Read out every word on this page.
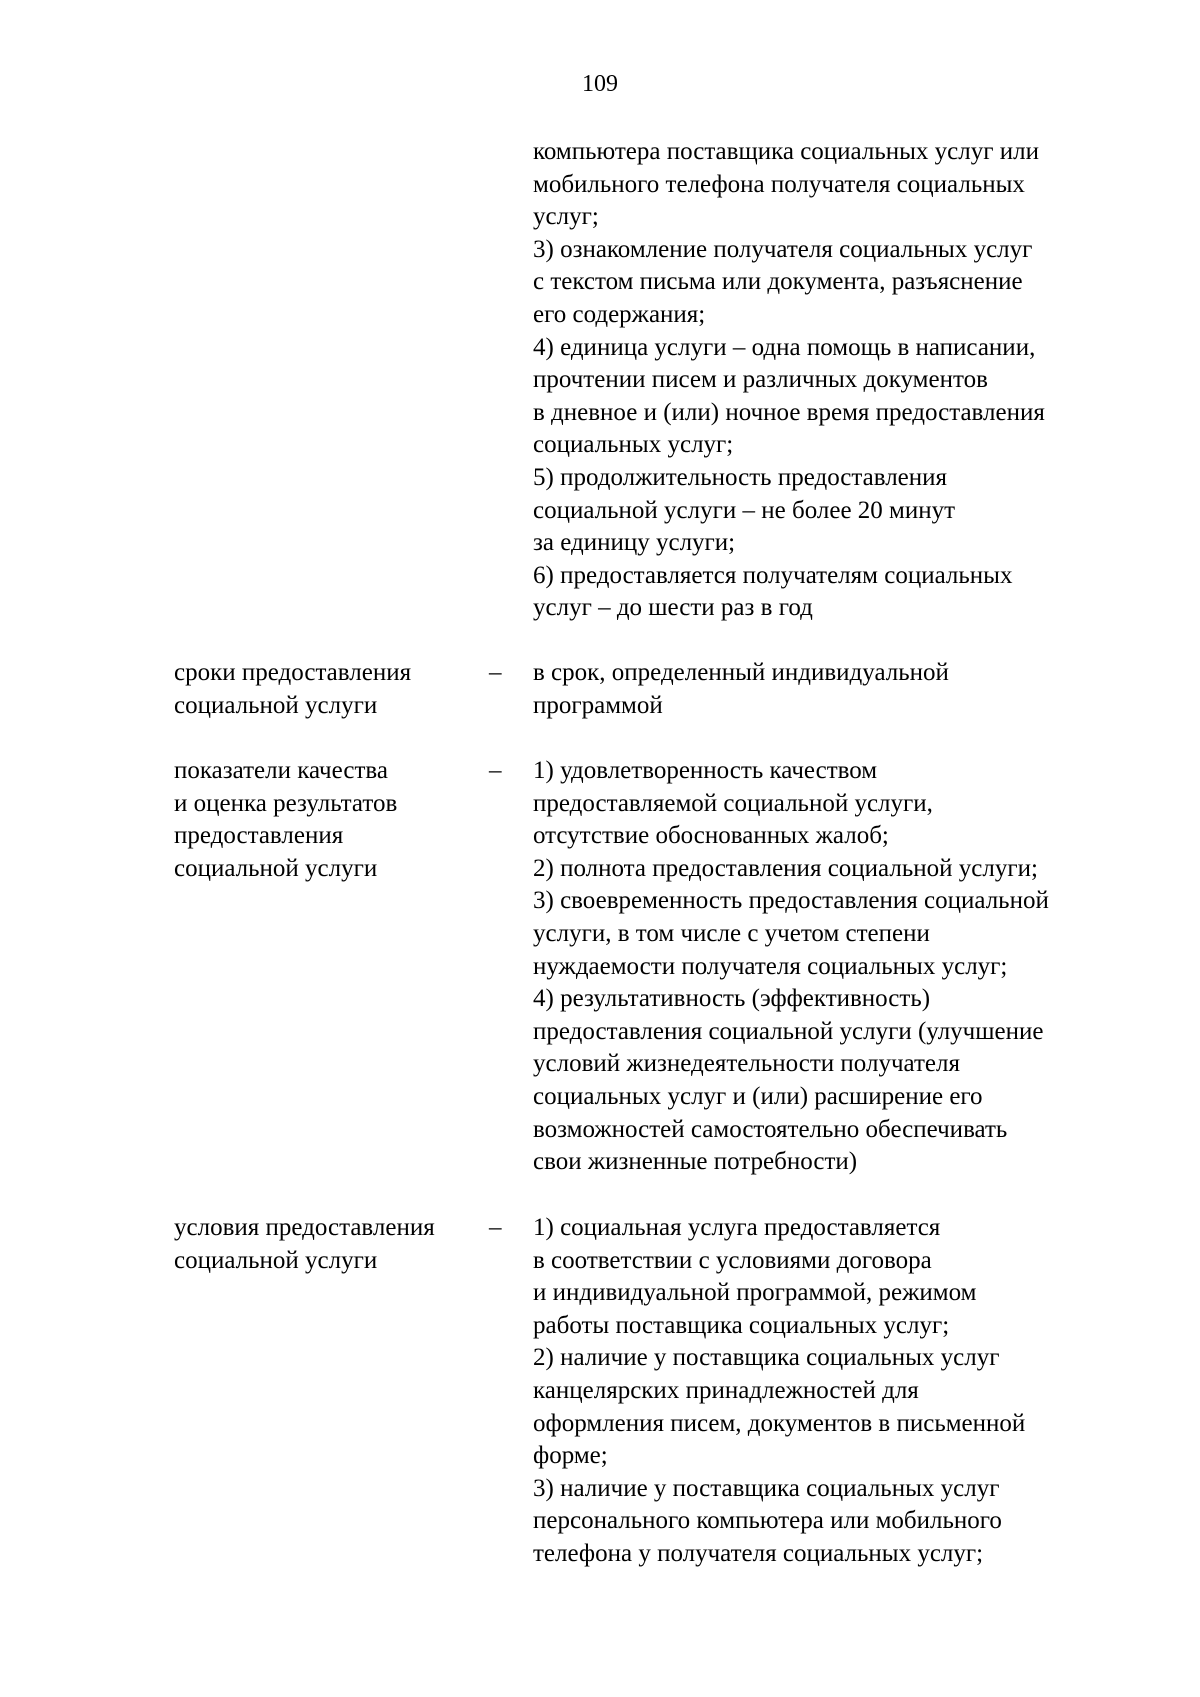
109
компьютера поставщика социальных услуг или
мобильного телефона получателя социальных
услуг;
3) ознакомление получателя социальных услуг
с текстом письма или документа, разъяснение
его содержания;
4) единица услуги – одна помощь в написании,
прочтении писем и различных документов
в дневное и (или) ночное время предоставления
социальных услуг;
5) продолжительность предоставления
социальной услуги – не более 20 минут
за единицу услуги;
6) предоставляется получателям социальных
услуг – до шести раз в год
сроки предоставления
социальной услуги
– в срок, определенный индивидуальной
программой
показатели качества
и оценка результатов
предоставления
социальной услуги
– 1) удовлетворенность качеством
предоставляемой социальной услуги,
отсутствие обоснованных жалоб;
2) полнота предоставления социальной услуги;
3) своевременность предоставления социальной
услуги, в том числе с учетом степени
нуждаемости получателя социальных услуг;
4) результативность (эффективность)
предоставления социальной услуги (улучшение
условий жизнедеятельности получателя
социальных услуг и (или) расширение его
возможностей самостоятельно обеспечивать
свои жизненные потребности)
условия предоставления
социальной услуги
– 1) социальная услуга предоставляется
в соответствии с условиями договора
и индивидуальной программой, режимом
работы поставщика социальных услуг;
2) наличие у поставщика социальных услуг
канцелярских принадлежностей для
оформления писем, документов в письменной
форме;
3) наличие у поставщика социальных услуг
персонального компьютера или мобильного
телефона у получателя социальных услуг;
